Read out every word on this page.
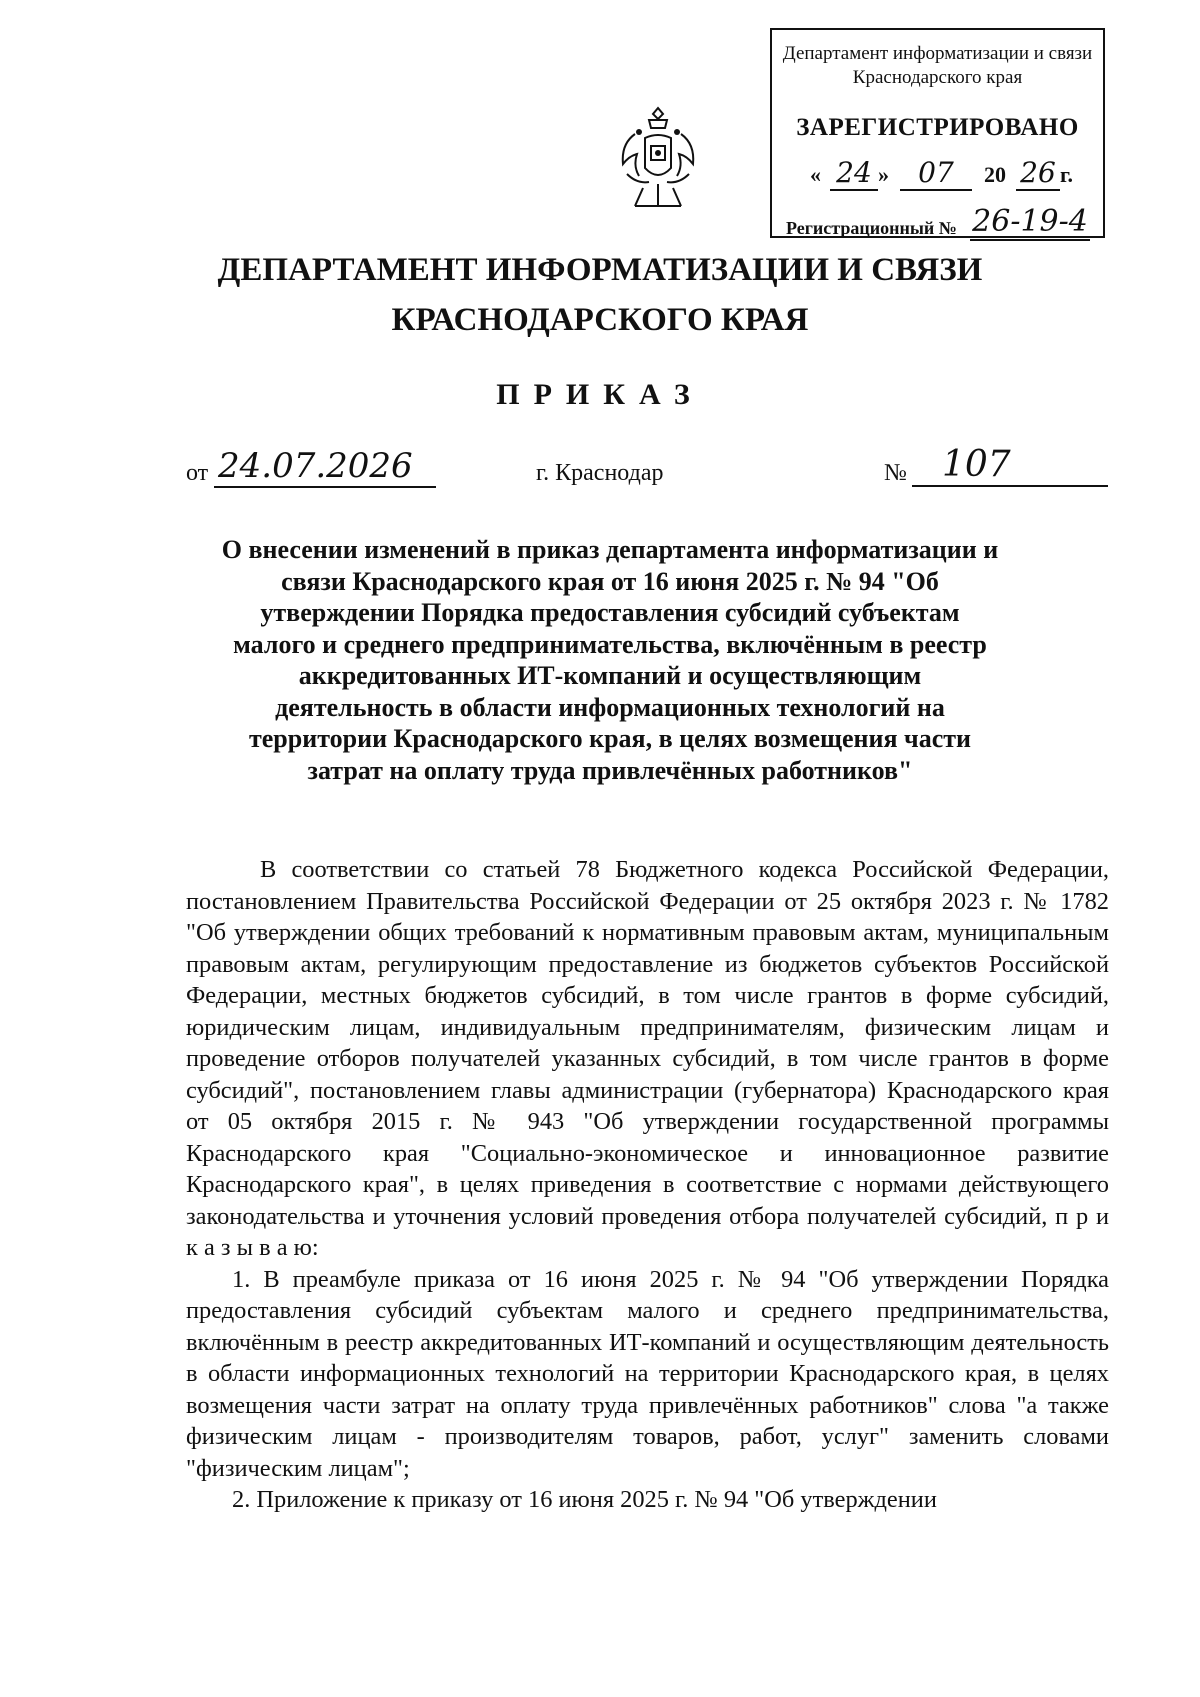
Департамент информатизации и связи
Краснодарского края
ЗАРЕГИСТРИРОВАНО
« 24 »	07	20 26 г.
Регистрационный № 26-19-4
ДЕПАРТАМЕНТ ИНФОРМАТИЗАЦИИ И СВЯЗИ
КРАСНОДАРСКОГО КРАЯ
ПРИКАЗ
от 24.07.2026	г. Краснодар	№ 107
О внесении изменений в приказ департамента информатизации и связи Краснодарского края от 16 июня 2025 г. № 94 "Об утверждении Порядка предоставления субсидий субъектам малого и среднего предпринимательства, включённым в реестр аккредитованных ИТ-компаний и осуществляющим деятельность в области информационных технологий на территории Краснодарского края, в целях возмещения части затрат на оплату труда привлечённых работников"

В соответствии со статьей 78 Бюджетного кодекса Российской Федерации, постановлением Правительства Российской Федерации от 25 октября 2023 г. № 1782 "Об утверждении общих требований к нормативным правовым актам, муниципальным правовым актам, регулирующим предоставление из бюджетов субъектов Российской Федерации, местных бюджетов субсидий, в том числе грантов в форме субсидий, юридическим лицам, индивидуальным предпринимателям, физическим лицам и проведение отборов получателей указанных субсидий, в том числе грантов в форме субсидий", постановлением главы администрации (губернатора) Краснодарского края от 05 октября 2015 г. № 943 "Об утверждении государственной программы Краснодарского края "Социально-экономическое и инновационное развитие Краснодарского края", в целях приведения в соответствие с нормами действующего законодательства и уточнения условий проведения отбора получателей субсидий, п р и к а з ы в а ю:

1. В преамбуле приказа от 16 июня 2025 г. № 94 "Об утверждении Порядка предоставления субсидий субъектам малого и среднего предпринимательства, включённым в реестр аккредитованных ИТ-компаний и осуществляющим деятельность в области информационных технологий на территории Краснодарского края, в целях возмещения части затрат на оплату труда привлечённых работников" слова "а также физическим лицам - производителям товаров, работ, услуг" заменить словами "физическим лицам";

2. Приложение к приказу от 16 июня 2025 г. № 94 "Об утверждении
